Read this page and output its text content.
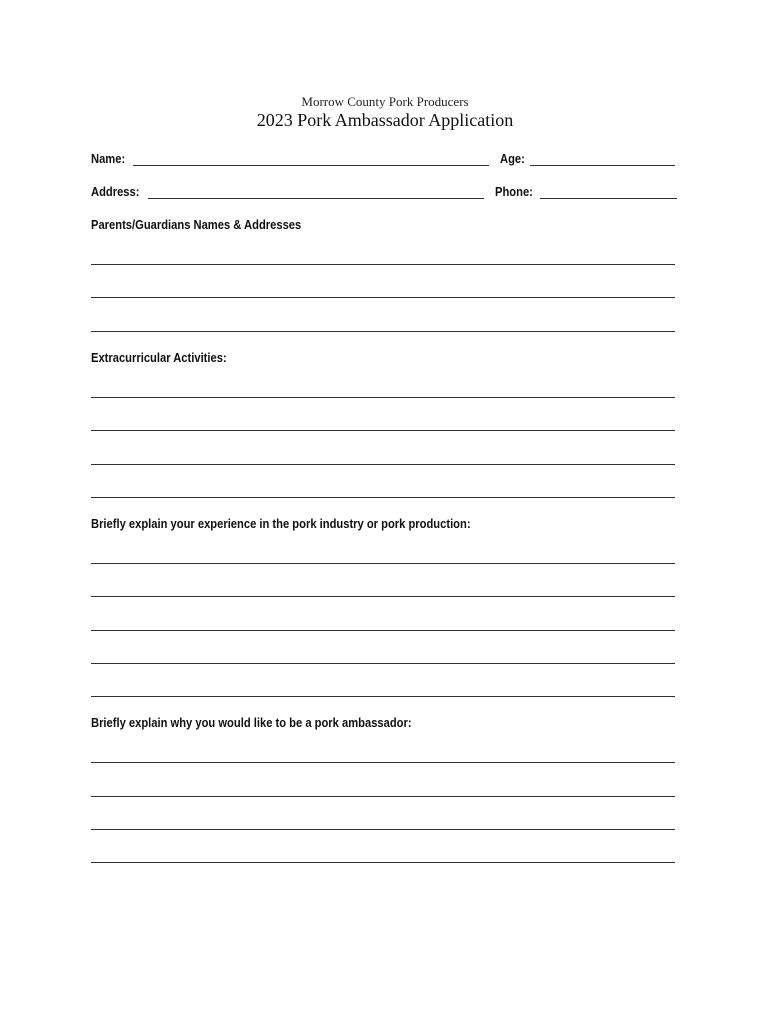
Morrow County Pork Producers
2023 Pork Ambassador Application
Name:	Age:
Address:	Phone:
Parents/Guardians Names & Addresses
Extracurricular Activities:
Briefly explain your experience in the pork industry or pork production:
Briefly explain why you would like to be a pork ambassador:
